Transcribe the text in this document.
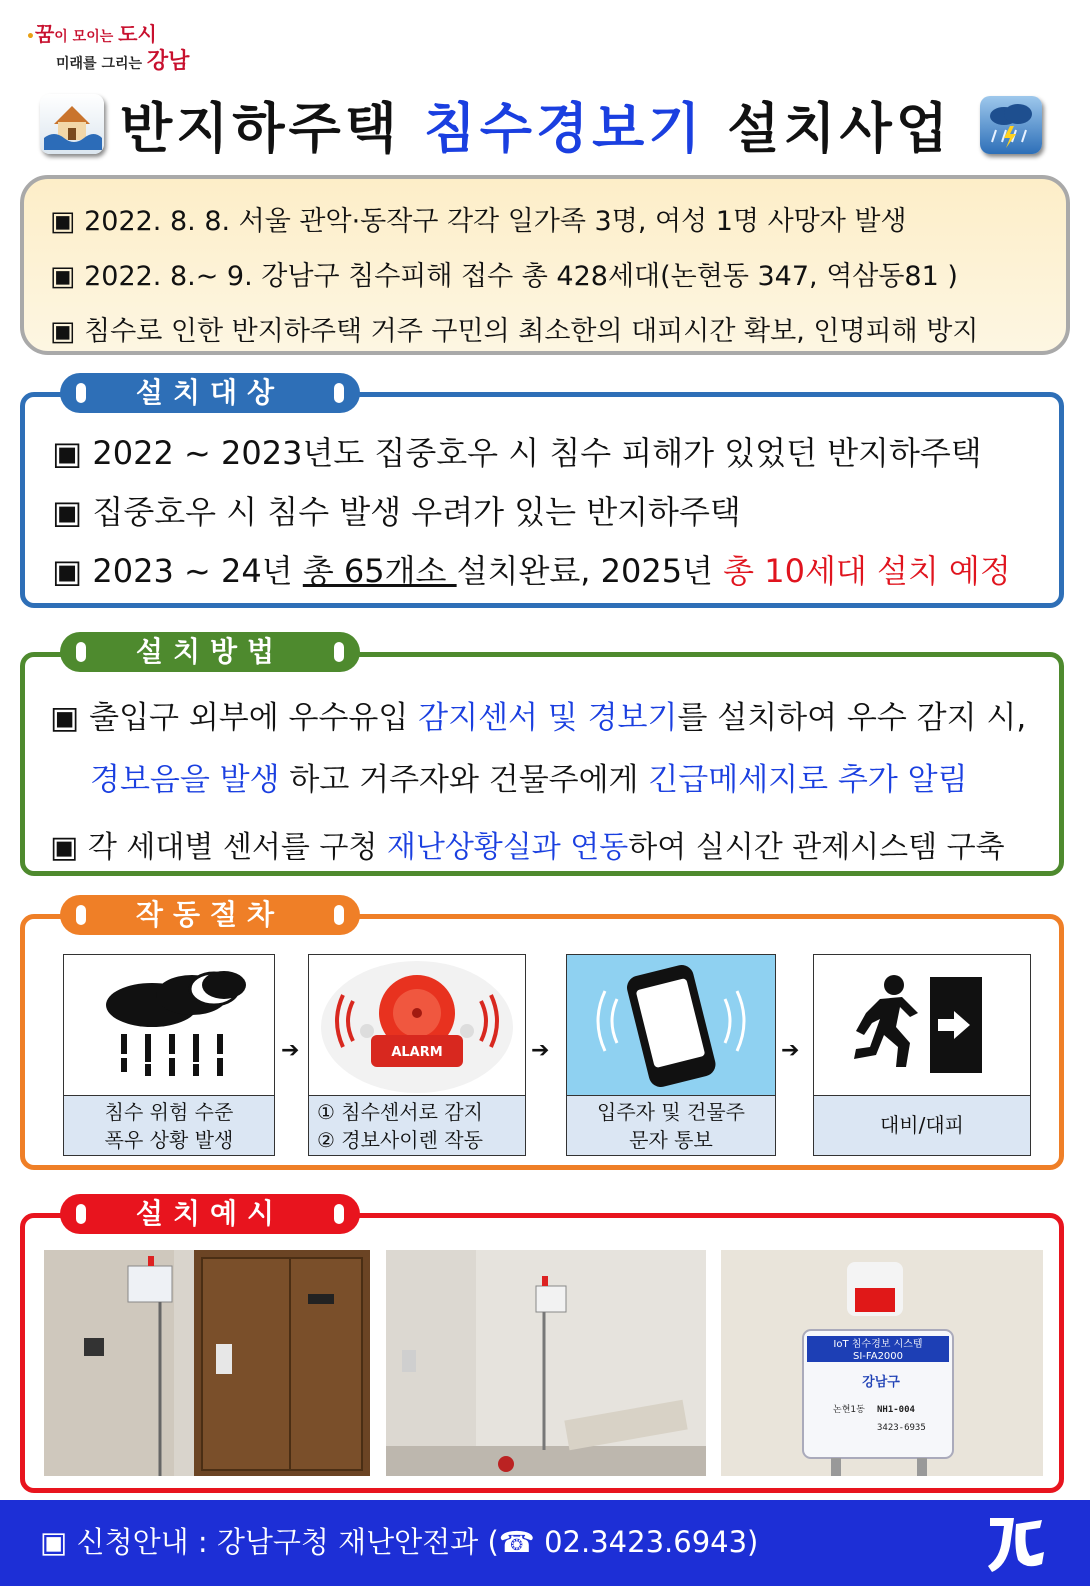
•꿈이 모이는 도시
미래를 그리는 강남
반지하주택 침수경보기 설치사업
▣ 2022. 8. 8. 서울 관악·동작구 각각 일가족 3명, 여성 1명 사망자 발생
▣ 2022. 8.~ 9. 강남구 침수피해 접수 총 428세대(논현동 347, 역삼동81 )
▣ 침수로 인한 반지하주택 거주 구민의 최소한의 대피시간 확보, 인명피해 방지
설치대상
▣ 2022 ~ 2023년도 집중호우 시 침수 피해가 있었던 반지하주택
▣ 집중호우 시 침수 발생 우려가 있는 반지하주택
▣ 2023 ~ 24년 총 65개소 설치완료, 2025년 총 10세대 설치 예정
설치방법
▣ 출입구 외부에 우수유입 감지센서 및 경보기를 설치하여 우수 감지 시,
경보음을 발생 하고 거주자와 건물주에게 긴급메세지로 추가 알림
▣ 각 세대별 센서를 구청 재난상황실과 연동하여 실시간 관제시스템 구축
작동절차
침수 위험 수준
폭우 상황 발생
➔	ALARM
① 침수센서로 감지
② 경보사이렌 작동
➔
입주자 및 건물주
문자 통보
➔
대비/대피
설치예시
IoT 침수경보 시스템
SI-FA2000
강남구
논현1동 NH1-004
3423-6935
▣ 신청안내 : 강남구청 재난안전과 (☎ 02.3423.6943)
